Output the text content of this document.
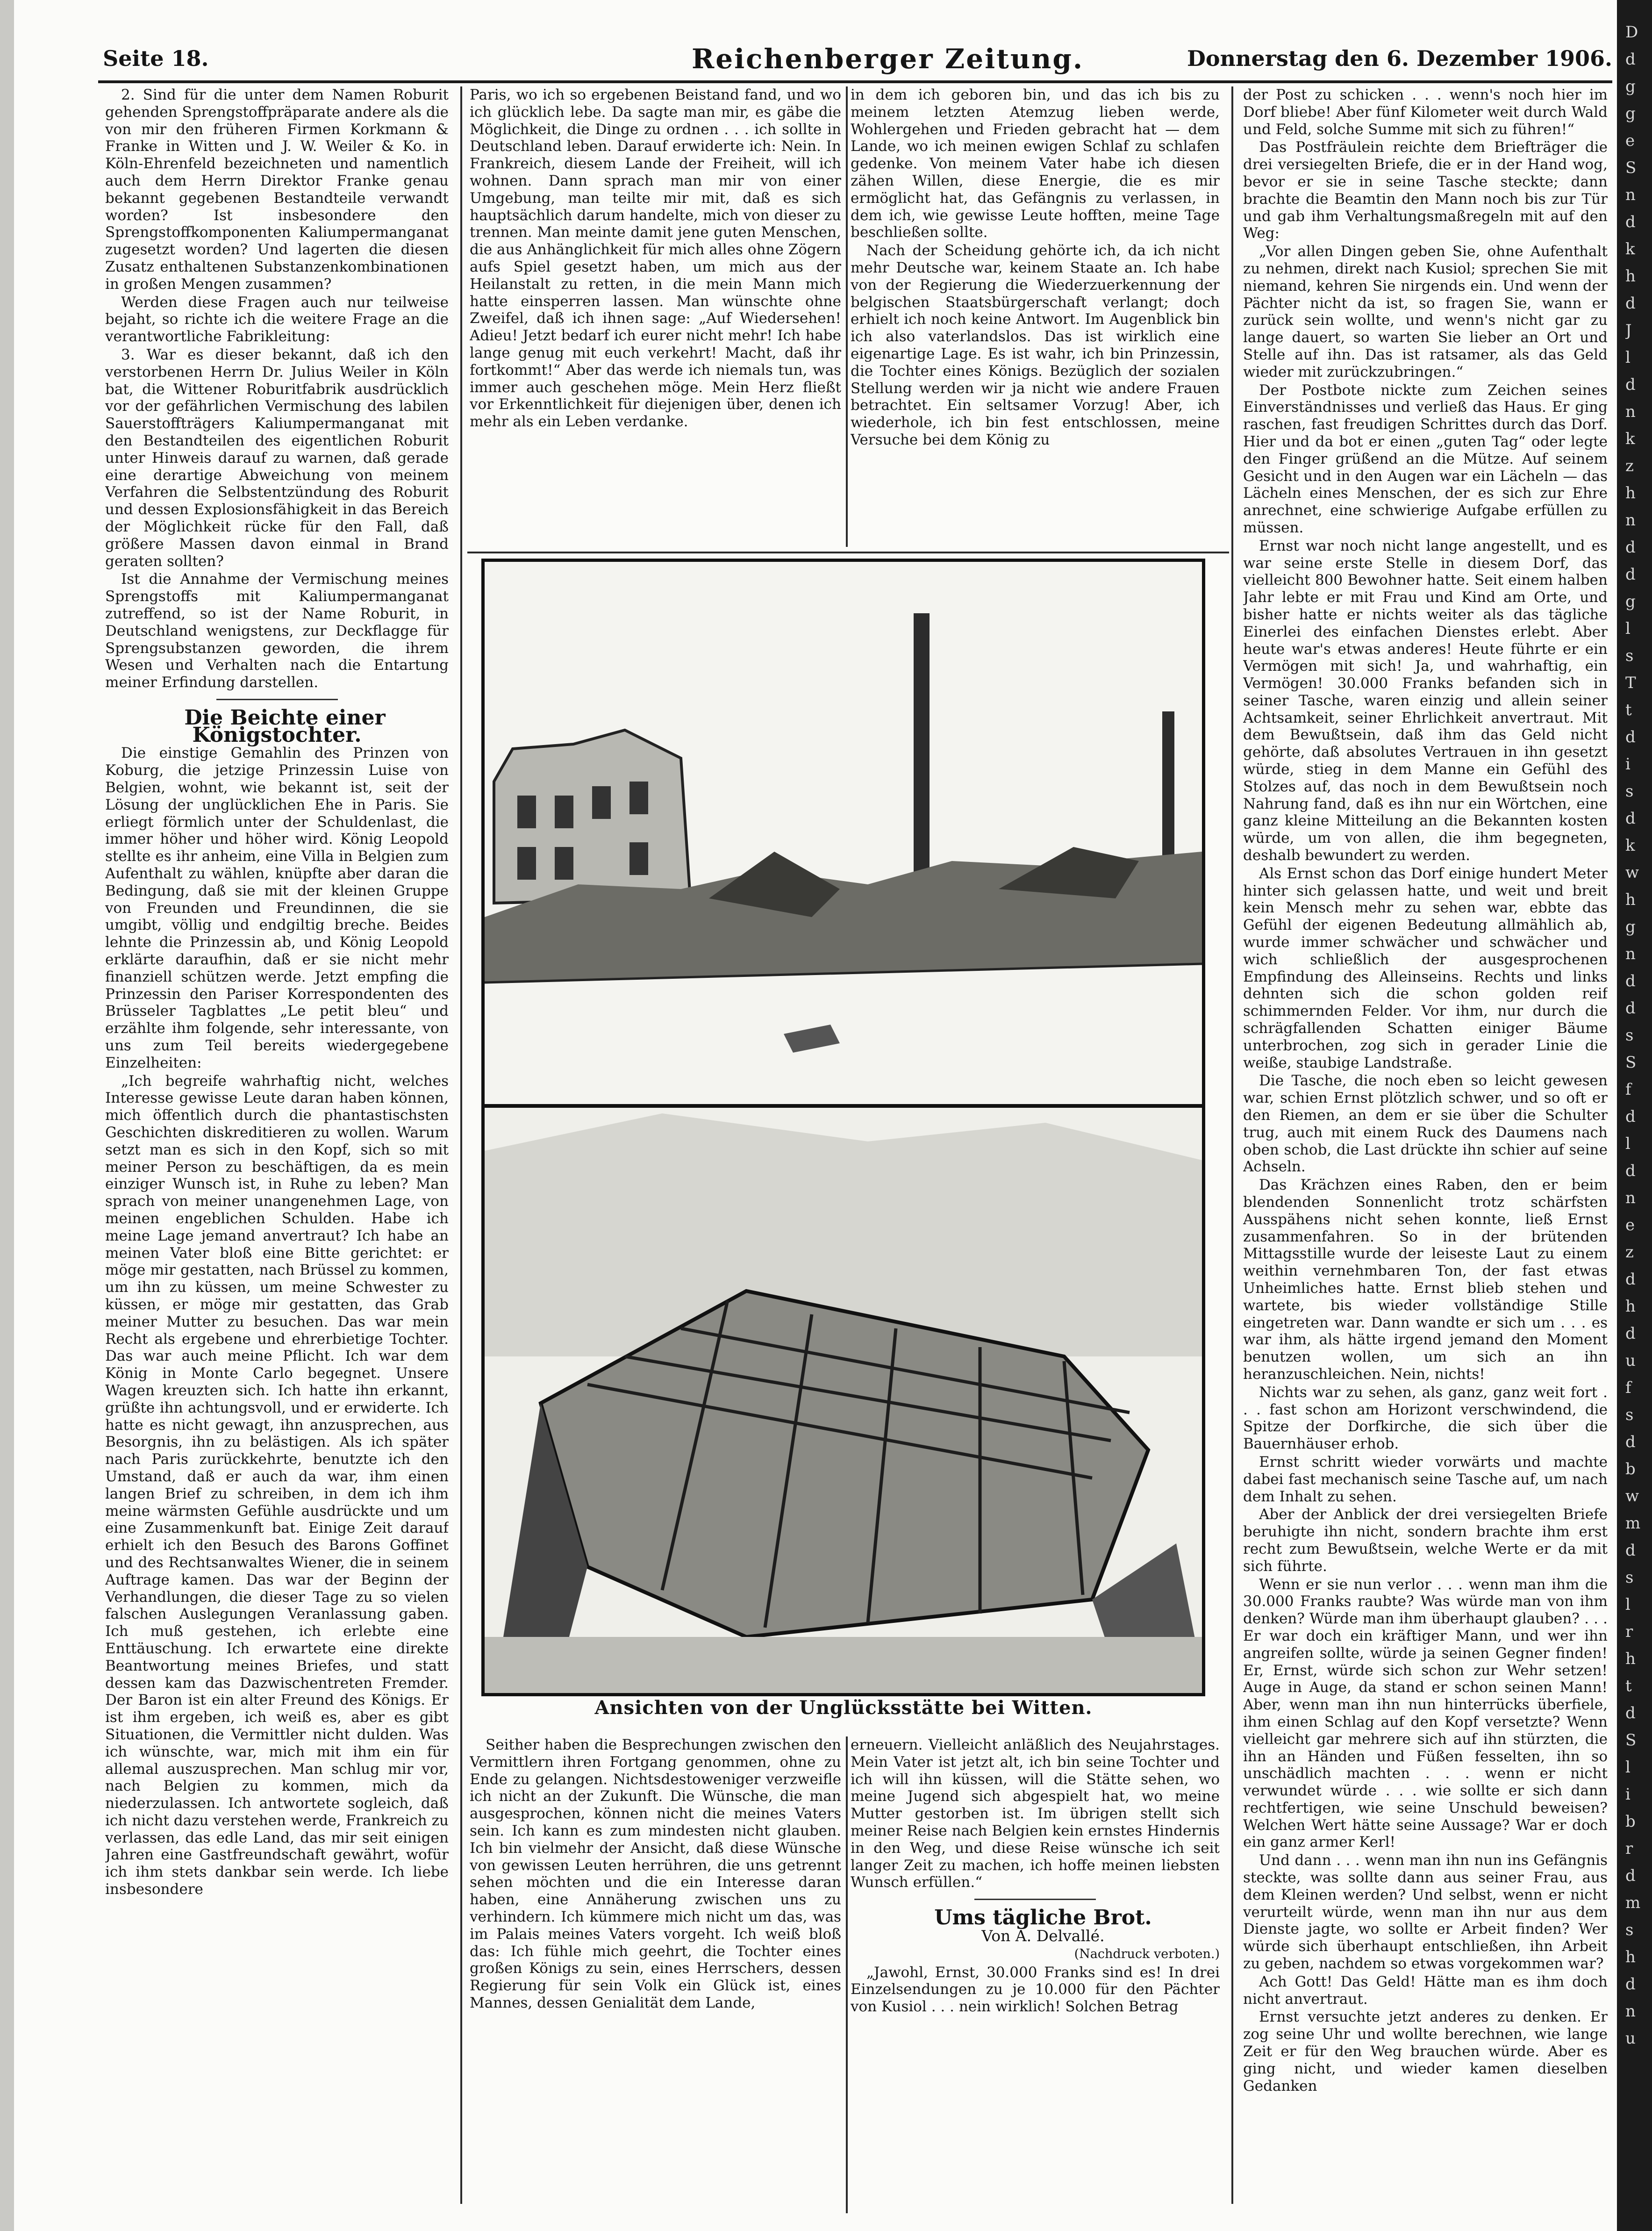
D
d
g
g
e
S
n
d
k
h
d
J
l
d
n
k
z
h
n
d
d
g
l
s
T
t
d
i
s
d
k
w
h
g
n
d
d
s
S
f
d
l
d
n
e
z
d
h
d
u
f
s
d
b
w
m
d
s
l
r
h
t
d
S
l
i
b
r
d
m
s
h
d
n
u
Seite 18.	Reichenberger Zeitung.	Donnerstag den 6. Dezember 1906.

2. Sind für die unter dem Namen Roburit gehenden Sprengstoffpräparate andere als die von mir den früheren Firmen Korkmann & Franke in Witten und J. W. Weiler & Ko. in Köln-Ehrenfeld bezeichneten und namentlich auch dem Herrn Direktor Franke genau bekannt gegebenen Bestandteile verwandt worden? Ist insbesondere den Sprengstoffkomponenten Kaliumpermanganat zugesetzt worden? Und lagerten die diesen Zusatz enthaltenen Substanzenkombinationen in großen Mengen zusammen?

Werden diese Fragen auch nur teilweise bejaht, so richte ich die weitere Frage an die verantwortliche Fabrikleitung:

3. War es dieser bekannt, daß ich den verstorbenen Herrn Dr. Julius Weiler in Köln bat, die Wittener Roburitfabrik ausdrücklich vor der gefährlichen Vermischung des labilen Sauerstoffträgers Kaliumpermanganat mit den Bestandteilen des eigentlichen Roburit unter Hinweis darauf zu warnen, daß gerade eine derartige Abweichung von meinem Verfahren die Selbstentzündung des Roburit und dessen Explosionsfähigkeit in das Bereich der Möglichkeit rücke für den Fall, daß größere Massen davon einmal in Brand geraten sollten?

Ist die Annahme der Vermischung meines Sprengstoffs mit Kaliumpermanganat zutreffend, so ist der Name Roburit, in Deutschland wenigstens, zur Deckflagge für Sprengsubstanzen geworden, die ihrem Wesen und Verhalten nach die Entartung meiner Erfindung darstellen.

Die Beichte einer Königstochter.

Die einstige Gemahlin des Prinzen von Koburg, die jetzige Prinzessin Luise von Belgien, wohnt, wie bekannt ist, seit der Lösung der unglücklichen Ehe in Paris. Sie erliegt förmlich unter der Schuldenlast, die immer höher und höher wird. König Leopold stellte es ihr anheim, eine Villa in Belgien zum Aufenthalt zu wählen, knüpfte aber daran die Bedingung, daß sie mit der kleinen Gruppe von Freunden und Freundinnen, die sie umgibt, völlig und endgiltig breche. Beides lehnte die Prinzessin ab, und König Leopold erklärte daraufhin, daß er sie nicht mehr finanziell schützen werde. Jetzt empfing die Prinzessin den Pariser Korrespondenten des Brüsseler Tagblattes „Le petit bleu“ und erzählte ihm folgende, sehr interessante, von uns zum Teil bereits wiedergegebene Einzelheiten:

„Ich begreife wahrhaftig nicht, welches Interesse gewisse Leute daran haben können, mich öffentlich durch die phantastischsten Geschichten diskreditieren zu wollen. Warum setzt man es sich in den Kopf, sich so mit meiner Person zu beschäftigen, da es mein einziger Wunsch ist, in Ruhe zu leben? Man sprach von meiner unangenehmen Lage, von meinen engeblichen Schulden. Habe ich meine Lage jemand anvertraut? Ich habe an meinen Vater bloß eine Bitte gerichtet: er möge mir gestatten, nach Brüssel zu kommen, um ihn zu küssen, um meine Schwester zu küssen, er möge mir gestatten, das Grab meiner Mutter zu besuchen. Das war mein Recht als ergebene und ehrerbietige Tochter. Das war auch meine Pflicht. Ich war dem König in Monte Carlo begegnet. Unsere Wagen kreuzten sich. Ich hatte ihn erkannt, grüßte ihn achtungsvoll, und er erwiderte. Ich hatte es nicht gewagt, ihn anzusprechen, aus Besorgnis, ihn zu belästigen. Als ich später nach Paris zurückkehrte, benutzte ich den Umstand, daß er auch da war, ihm einen langen Brief zu schreiben, in dem ich ihm meine wärmsten Gefühle ausdrückte und um eine Zusammenkunft bat. Einige Zeit darauf erhielt ich den Besuch des Barons Goffinet und des Rechtsanwaltes Wiener, die in seinem Auftrage kamen. Das war der Beginn der Verhandlungen, die dieser Tage zu so vielen falschen Auslegungen Veranlassung gaben. Ich muß gestehen, ich erlebte eine Enttäuschung. Ich erwartete eine direkte Beantwortung meines Briefes, und statt dessen kam das Dazwischentreten Fremder. Der Baron ist ein alter Freund des Königs. Er ist ihm ergeben, ich weiß es, aber es gibt Situationen, die Vermittler nicht dulden. Was ich wünschte, war, mich mit ihm ein für allemal auszusprechen. Man schlug mir vor, nach Belgien zu kommen, mich da niederzulassen. Ich antwortete sogleich, daß ich nicht dazu verstehen werde, Frankreich zu verlassen, das edle Land, das mir seit einigen Jahren eine Gastfreundschaft gewährt, wofür ich ihm stets dankbar sein werde. Ich liebe insbesondere

Paris, wo ich so ergebenen Beistand fand, und wo ich glücklich lebe. Da sagte man mir, es gäbe die Möglichkeit, die Dinge zu ordnen . . . ich sollte in Deutschland leben. Darauf erwiderte ich: Nein. In Frankreich, diesem Lande der Freiheit, will ich wohnen. Dann sprach man mir von einer Umgebung, man teilte mir mit, daß es sich hauptsächlich darum handelte, mich von dieser zu trennen. Man meinte damit jene guten Menschen, die aus Anhänglichkeit für mich alles ohne Zögern aufs Spiel gesetzt haben, um mich aus der Heilanstalt zu retten, in die mein Mann mich hatte einsperren lassen. Man wünschte ohne Zweifel, daß ich ihnen sage: „Auf Wiedersehen! Adieu! Jetzt bedarf ich eurer nicht mehr! Ich habe lange genug mit euch verkehrt! Macht, daß ihr fortkommt!“ Aber das werde ich niemals tun, was immer auch geschehen möge. Mein Herz fließt vor Erkenntlichkeit für diejenigen über, denen ich mehr als ein Leben verdanke.

in dem ich geboren bin, und das ich bis zu meinem letzten Atemzug lieben werde, Wohlergehen und Frieden gebracht hat — dem Lande, wo ich meinen ewigen Schlaf zu schlafen gedenke. Von meinem Vater habe ich diesen zähen Willen, diese Energie, die es mir ermöglicht hat, das Gefängnis zu verlassen, in dem ich, wie gewisse Leute hofften, meine Tage beschließen sollte.

Nach der Scheidung gehörte ich, da ich nicht mehr Deutsche war, keinem Staate an. Ich habe von der Regierung die Wiederzuerkennung der belgischen Staatsbürgerschaft verlangt; doch erhielt ich noch keine Antwort. Im Augenblick bin ich also vaterlandslos. Das ist wirklich eine eigenartige Lage. Es ist wahr, ich bin Prinzessin, die Tochter eines Königs. Bezüglich der sozialen Stellung werden wir ja nicht wie andere Frauen betrachtet. Ein seltsamer Vorzug! Aber, ich wiederhole, ich bin fest entschlossen, meine Versuche bei dem König zu

Ansichten von der Unglücksstätte bei Witten.

Seither haben die Besprechungen zwischen den Vermittlern ihren Fortgang genommen, ohne zu Ende zu gelangen. Nichtsdestoweniger verzweifle ich nicht an der Zukunft. Die Wünsche, die man ausgesprochen, können nicht die meines Vaters sein. Ich kann es zum mindesten nicht glauben. Ich bin vielmehr der Ansicht, daß diese Wünsche von gewissen Leuten herrühren, die uns getrennt sehen möchten und die ein Interesse daran haben, eine Annäherung zwischen uns zu verhindern. Ich kümmere mich nicht um das, was im Palais meines Vaters vorgeht. Ich weiß bloß das: Ich fühle mich geehrt, die Tochter eines großen Königs zu sein, eines Herrschers, dessen Regierung für sein Volk ein Glück ist, eines Mannes, dessen Genialität dem Lande,

erneuern. Vielleicht anläßlich des Neujahrstages. Mein Vater ist jetzt alt, ich bin seine Tochter und ich will ihn küssen, will die Stätte sehen, wo meine Jugend sich abgespielt hat, wo meine Mutter gestorben ist. Im übrigen stellt sich meiner Reise nach Belgien kein ernstes Hindernis in den Weg, und diese Reise wünsche ich seit langer Zeit zu machen, ich hoffe meinen liebsten Wunsch erfüllen.“

Ums tägliche Brot.

Von A. Delvallé.

(Nachdruck verboten.)

„Jawohl, Ernst, 30.000 Franks sind es! In drei Einzelsendungen zu je 10.000 für den Pächter von Kusiol . . . nein wirklich! Solchen Betrag

der Post zu schicken . . . wenn's noch hier im Dorf bliebe! Aber fünf Kilometer weit durch Wald und Feld, solche Summe mit sich zu führen!“

Das Postfräulein reichte dem Briefträger die drei versiegelten Briefe, die er in der Hand wog, bevor er sie in seine Tasche steckte; dann brachte die Beamtin den Mann noch bis zur Tür und gab ihm Verhaltungsmaßregeln mit auf den Weg:

„Vor allen Dingen geben Sie, ohne Aufenthalt zu nehmen, direkt nach Kusiol; sprechen Sie mit niemand, kehren Sie nirgends ein. Und wenn der Pächter nicht da ist, so fragen Sie, wann er zurück sein wollte, und wenn's nicht gar zu lange dauert, so warten Sie lieber an Ort und Stelle auf ihn. Das ist ratsamer, als das Geld wieder mit zurückzubringen.“

Der Postbote nickte zum Zeichen seines Einverständnisses und verließ das Haus. Er ging raschen, fast freudigen Schrittes durch das Dorf. Hier und da bot er einen „guten Tag“ oder legte den Finger grüßend an die Mütze. Auf seinem Gesicht und in den Augen war ein Lächeln — das Lächeln eines Menschen, der es sich zur Ehre anrechnet, eine schwierige Aufgabe erfüllen zu müssen.

Ernst war noch nicht lange angestellt, und es war seine erste Stelle in diesem Dorf, das vielleicht 800 Bewohner hatte. Seit einem halben Jahr lebte er mit Frau und Kind am Orte, und bisher hatte er nichts weiter als das tägliche Einerlei des einfachen Dienstes erlebt. Aber heute war's etwas anderes! Heute führte er ein Vermögen mit sich! Ja, und wahrhaftig, ein Vermögen! 30.000 Franks befanden sich in seiner Tasche, waren einzig und allein seiner Achtsamkeit, seiner Ehrlichkeit anvertraut. Mit dem Bewußtsein, daß ihm das Geld nicht gehörte, daß absolutes Vertrauen in ihn gesetzt würde, stieg in dem Manne ein Gefühl des Stolzes auf, das noch in dem Bewußtsein noch Nahrung fand, daß es ihn nur ein Wörtchen, eine ganz kleine Mitteilung an die Bekannten kosten würde, um von allen, die ihm begegneten, deshalb bewundert zu werden.

Als Ernst schon das Dorf einige hundert Meter hinter sich gelassen hatte, und weit und breit kein Mensch mehr zu sehen war, ebbte das Gefühl der eigenen Bedeutung allmählich ab, wurde immer schwächer und schwächer und wich schließlich der ausgesprochenen Empfindung des Alleinseins. Rechts und links dehnten sich die schon golden reif schimmernden Felder. Vor ihm, nur durch die schrägfallenden Schatten einiger Bäume unterbrochen, zog sich in gerader Linie die weiße, staubige Landstraße.

Die Tasche, die noch eben so leicht gewesen war, schien Ernst plötzlich schwer, und so oft er den Riemen, an dem er sie über die Schulter trug, auch mit einem Ruck des Daumens nach oben schob, die Last drückte ihn schier auf seine Achseln.

Das Krächzen eines Raben, den er beim blendenden Sonnenlicht trotz schärfsten Ausspähens nicht sehen konnte, ließ Ernst zusammenfahren. So in der brütenden Mittagsstille wurde der leiseste Laut zu einem weithin vernehmbaren Ton, der fast etwas Unheimliches hatte. Ernst blieb stehen und wartete, bis wieder vollständige Stille eingetreten war. Dann wandte er sich um . . . es war ihm, als hätte irgend jemand den Moment benutzen wollen, um sich an ihn heranzuschleichen. Nein, nichts!

Nichts war zu sehen, als ganz, ganz weit fort . . . fast schon am Horizont verschwindend, die Spitze der Dorfkirche, die sich über die Bauernhäuser erhob.

Ernst schritt wieder vorwärts und machte dabei fast mechanisch seine Tasche auf, um nach dem Inhalt zu sehen.

Aber der Anblick der drei versiegelten Briefe beruhigte ihn nicht, sondern brachte ihm erst recht zum Bewußtsein, welche Werte er da mit sich führte.

Wenn er sie nun verlor . . . wenn man ihm die 30.000 Franks raubte? Was würde man von ihm denken? Würde man ihm überhaupt glauben? . . . Er war doch ein kräftiger Mann, und wer ihn angreifen sollte, würde ja seinen Gegner finden! Er, Ernst, würde sich schon zur Wehr setzen! Auge in Auge, da stand er schon seinen Mann! Aber, wenn man ihn nun hinterrücks überfiele, ihm einen Schlag auf den Kopf versetzte? Wenn vielleicht gar mehrere sich auf ihn stürzten, die ihn an Händen und Füßen fesselten, ihn so unschädlich machten . . . wenn er nicht verwundet würde . . . wie sollte er sich dann rechtfertigen, wie seine Unschuld beweisen? Welchen Wert hätte seine Aussage? War er doch ein ganz armer Kerl!

Und dann . . . wenn man ihn nun ins Gefängnis steckte, was sollte dann aus seiner Frau, aus dem Kleinen werden? Und selbst, wenn er nicht verurteilt würde, wenn man ihn nur aus dem Dienste jagte, wo sollte er Arbeit finden? Wer würde sich überhaupt entschließen, ihn Arbeit zu geben, nachdem so etwas vorgekommen war?

Ach Gott! Das Geld! Hätte man es ihm doch nicht anvertraut.

Ernst versuchte jetzt anderes zu denken. Er zog seine Uhr und wollte berechnen, wie lange Zeit er für den Weg brauchen würde. Aber es ging nicht, und wieder kamen dieselben Gedanken
